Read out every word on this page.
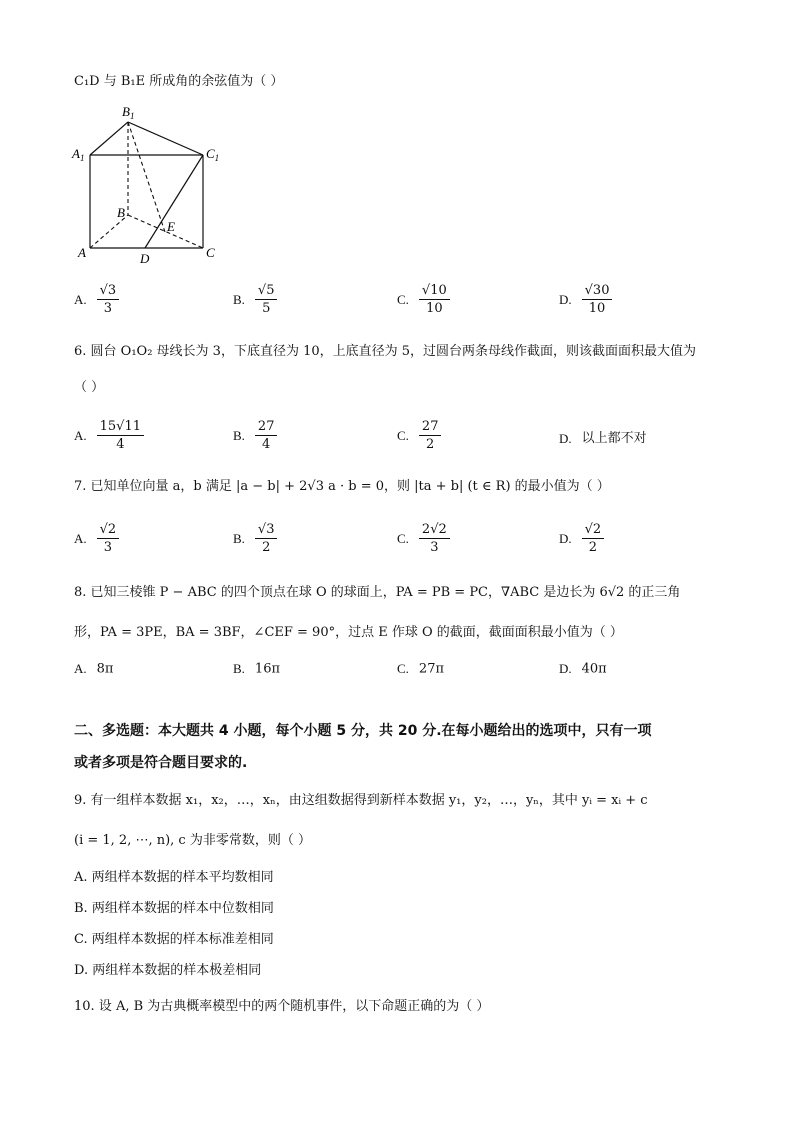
C₁D 与 B₁E 所成角的余弦值为（ ）
$B_1$
$A_1$	$C_1$
B
E
A	D	C
A. $\frac{√3}{3}$	B. $\frac{√5}{5}$	C. $\frac{√10}{10}$	D. $\frac{√30}{10}$
6. 圆台 O₁O₂ 母线长为 3，下底直径为 10，上底直径为 5，过圆台两条母线作截面，则该截面面积最大值为
（ ）
A. $\frac{15√11}{4}$	B. $\frac{27}{4}$	C. $\frac{27}{2}$	D. 以上都不对
7. 已知单位向量 a，b 满足 |a − b| + 2√3 a · b = 0，则 |ta + b| (t ∈ R) 的最小值为（ ）
A. $\frac{√2}{3}$	B. $\frac{√3}{2}$	C. $\frac{2√2}{3}$	D. $\frac{√2}{2}$
8. 已知三棱锥 P − ABC 的四个顶点在球 O 的球面上，PA = PB = PC，∇ABC 是边长为 6√2 的正三角
形，PA = 3PE，BA = 3BF，∠CEF = 90°，过点 E 作球 O 的截面，截面面积最小值为（ ）
A. 8π	B. 16π	C. 27π	D. 40π
二、多选题：本大题共 4 小题，每个小题 5 分，共 20 分.在每小题给出的选项中，只有一项
或者多项是符合题目要求的.
9. 有一组样本数据 x₁，x₂，…，xₙ，由这组数据得到新样本数据 y₁，y₂，…，yₙ，其中 yᵢ = xᵢ + c
(i = 1, 2, ⋯, n), c 为非零常数，则（ ）
A. 两组样本数据的样本平均数相同
B. 两组样本数据的样本中位数相同
C. 两组样本数据的样本标准差相同
D. 两组样本数据的样本极差相同
10. 设 A, B 为古典概率模型中的两个随机事件，以下命题正确的为（ ）
